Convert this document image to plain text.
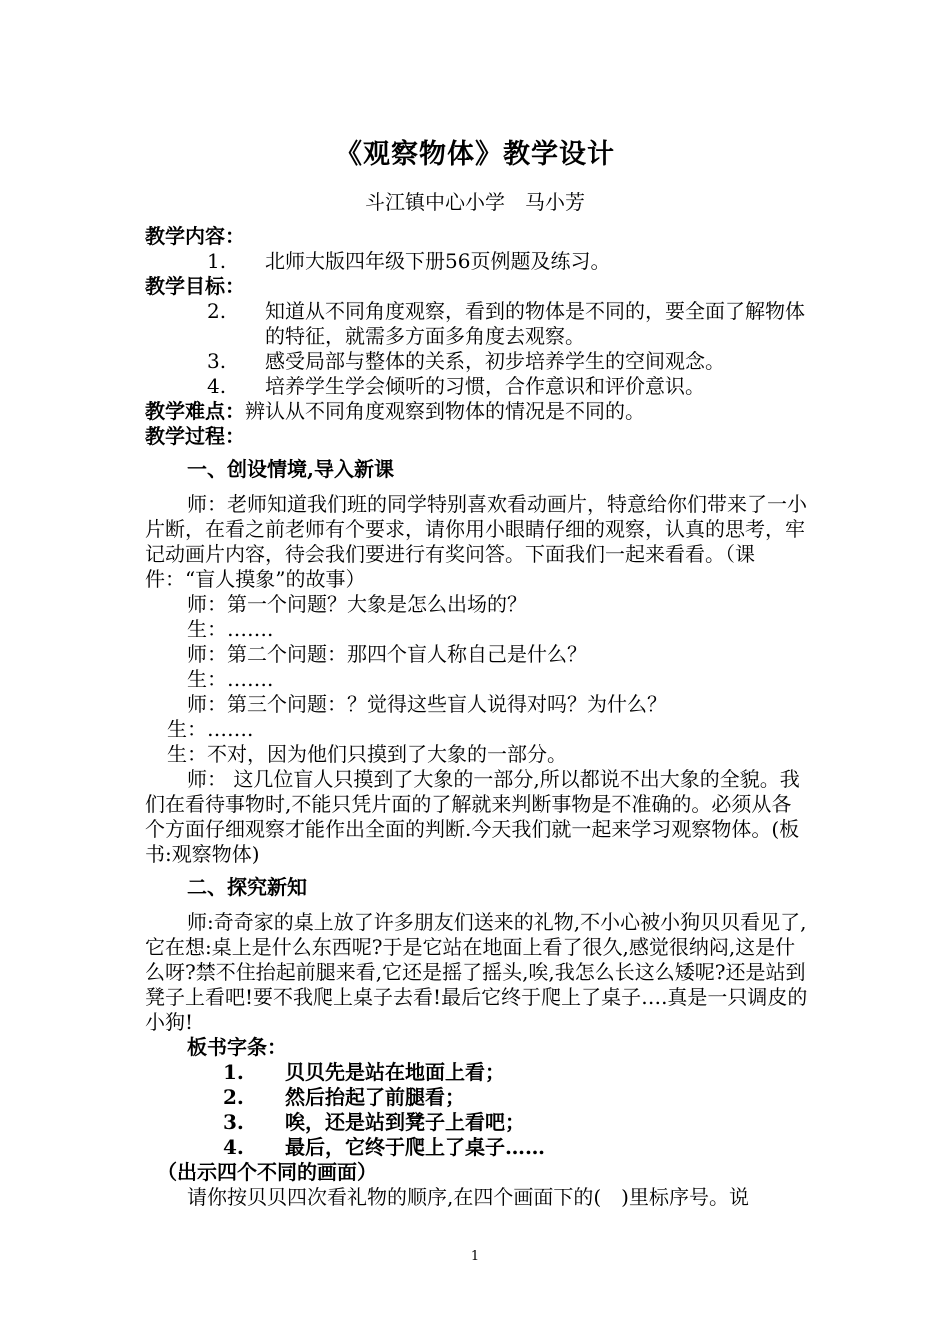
《观察物体》教学设计
斗江镇中心小学　马小芳

教学内容：

1.	北师大版四年级下册56页例题及练习。

教学目标：

2.	知道从不同角度观察，看到的物体是不同的，要全面了解物体的特征，就需多方面多角度去观察。
3.	感受局部与整体的关系，初步培养学生的空间观念。
4.	培养学生学会倾听的习惯，合作意识和评价意识。

教学难点：辨认从不同角度观察到物体的情况是不同的。

教学过程：

一、创设情境,导入新课

师：老师知道我们班的同学特别喜欢看动画片，特意给你们带来了一小片断，在看之前老师有个要求，请你用小眼睛仔细的观察，认真的思考，牢记动画片内容，待会我们要进行有奖问答。下面我们一起来看看。（课件：“盲人摸象”的故事）

师：第一个问题？大象是怎么出场的？

生：…….

师：第二个问题：那四个盲人称自己是什么？

生：…….

师：第三个问题：？觉得这些盲人说得对吗？为什么？

生：…….

生：不对，因为他们只摸到了大象的一部分。

师： 这几位盲人只摸到了大象的一部分,所以都说不出大象的全貌。我们在看待事物时,不能只凭片面的了解就来判断事物是不准确的。必须从各个方面仔细观察才能作出全面的判断.今天我们就一起来学习观察物体。(板书:观察物体)

二、探究新知

师:奇奇家的桌上放了许多朋友们送来的礼物,不小心被小狗贝贝看见了,它在想:桌上是什么东西呢?于是它站在地面上看了很久,感觉很纳闷,这是什么呀?禁不住抬起前腿来看,它还是摇了摇头,唉,我怎么长这么矮呢?还是站到凳子上看吧!要不我爬上桌子去看!最后它终于爬上了桌子….真是一只调皮的小狗!

板书字条：

1.	贝贝先是站在地面上看；
2.	然后抬起了前腿看；
3.	唉，还是站到凳子上看吧；
4.	最后，它终于爬上了桌子……

（出示四个不同的画面）

请你按贝贝四次看礼物的顺序,在四个画面下的(　)里标序号。说

1
